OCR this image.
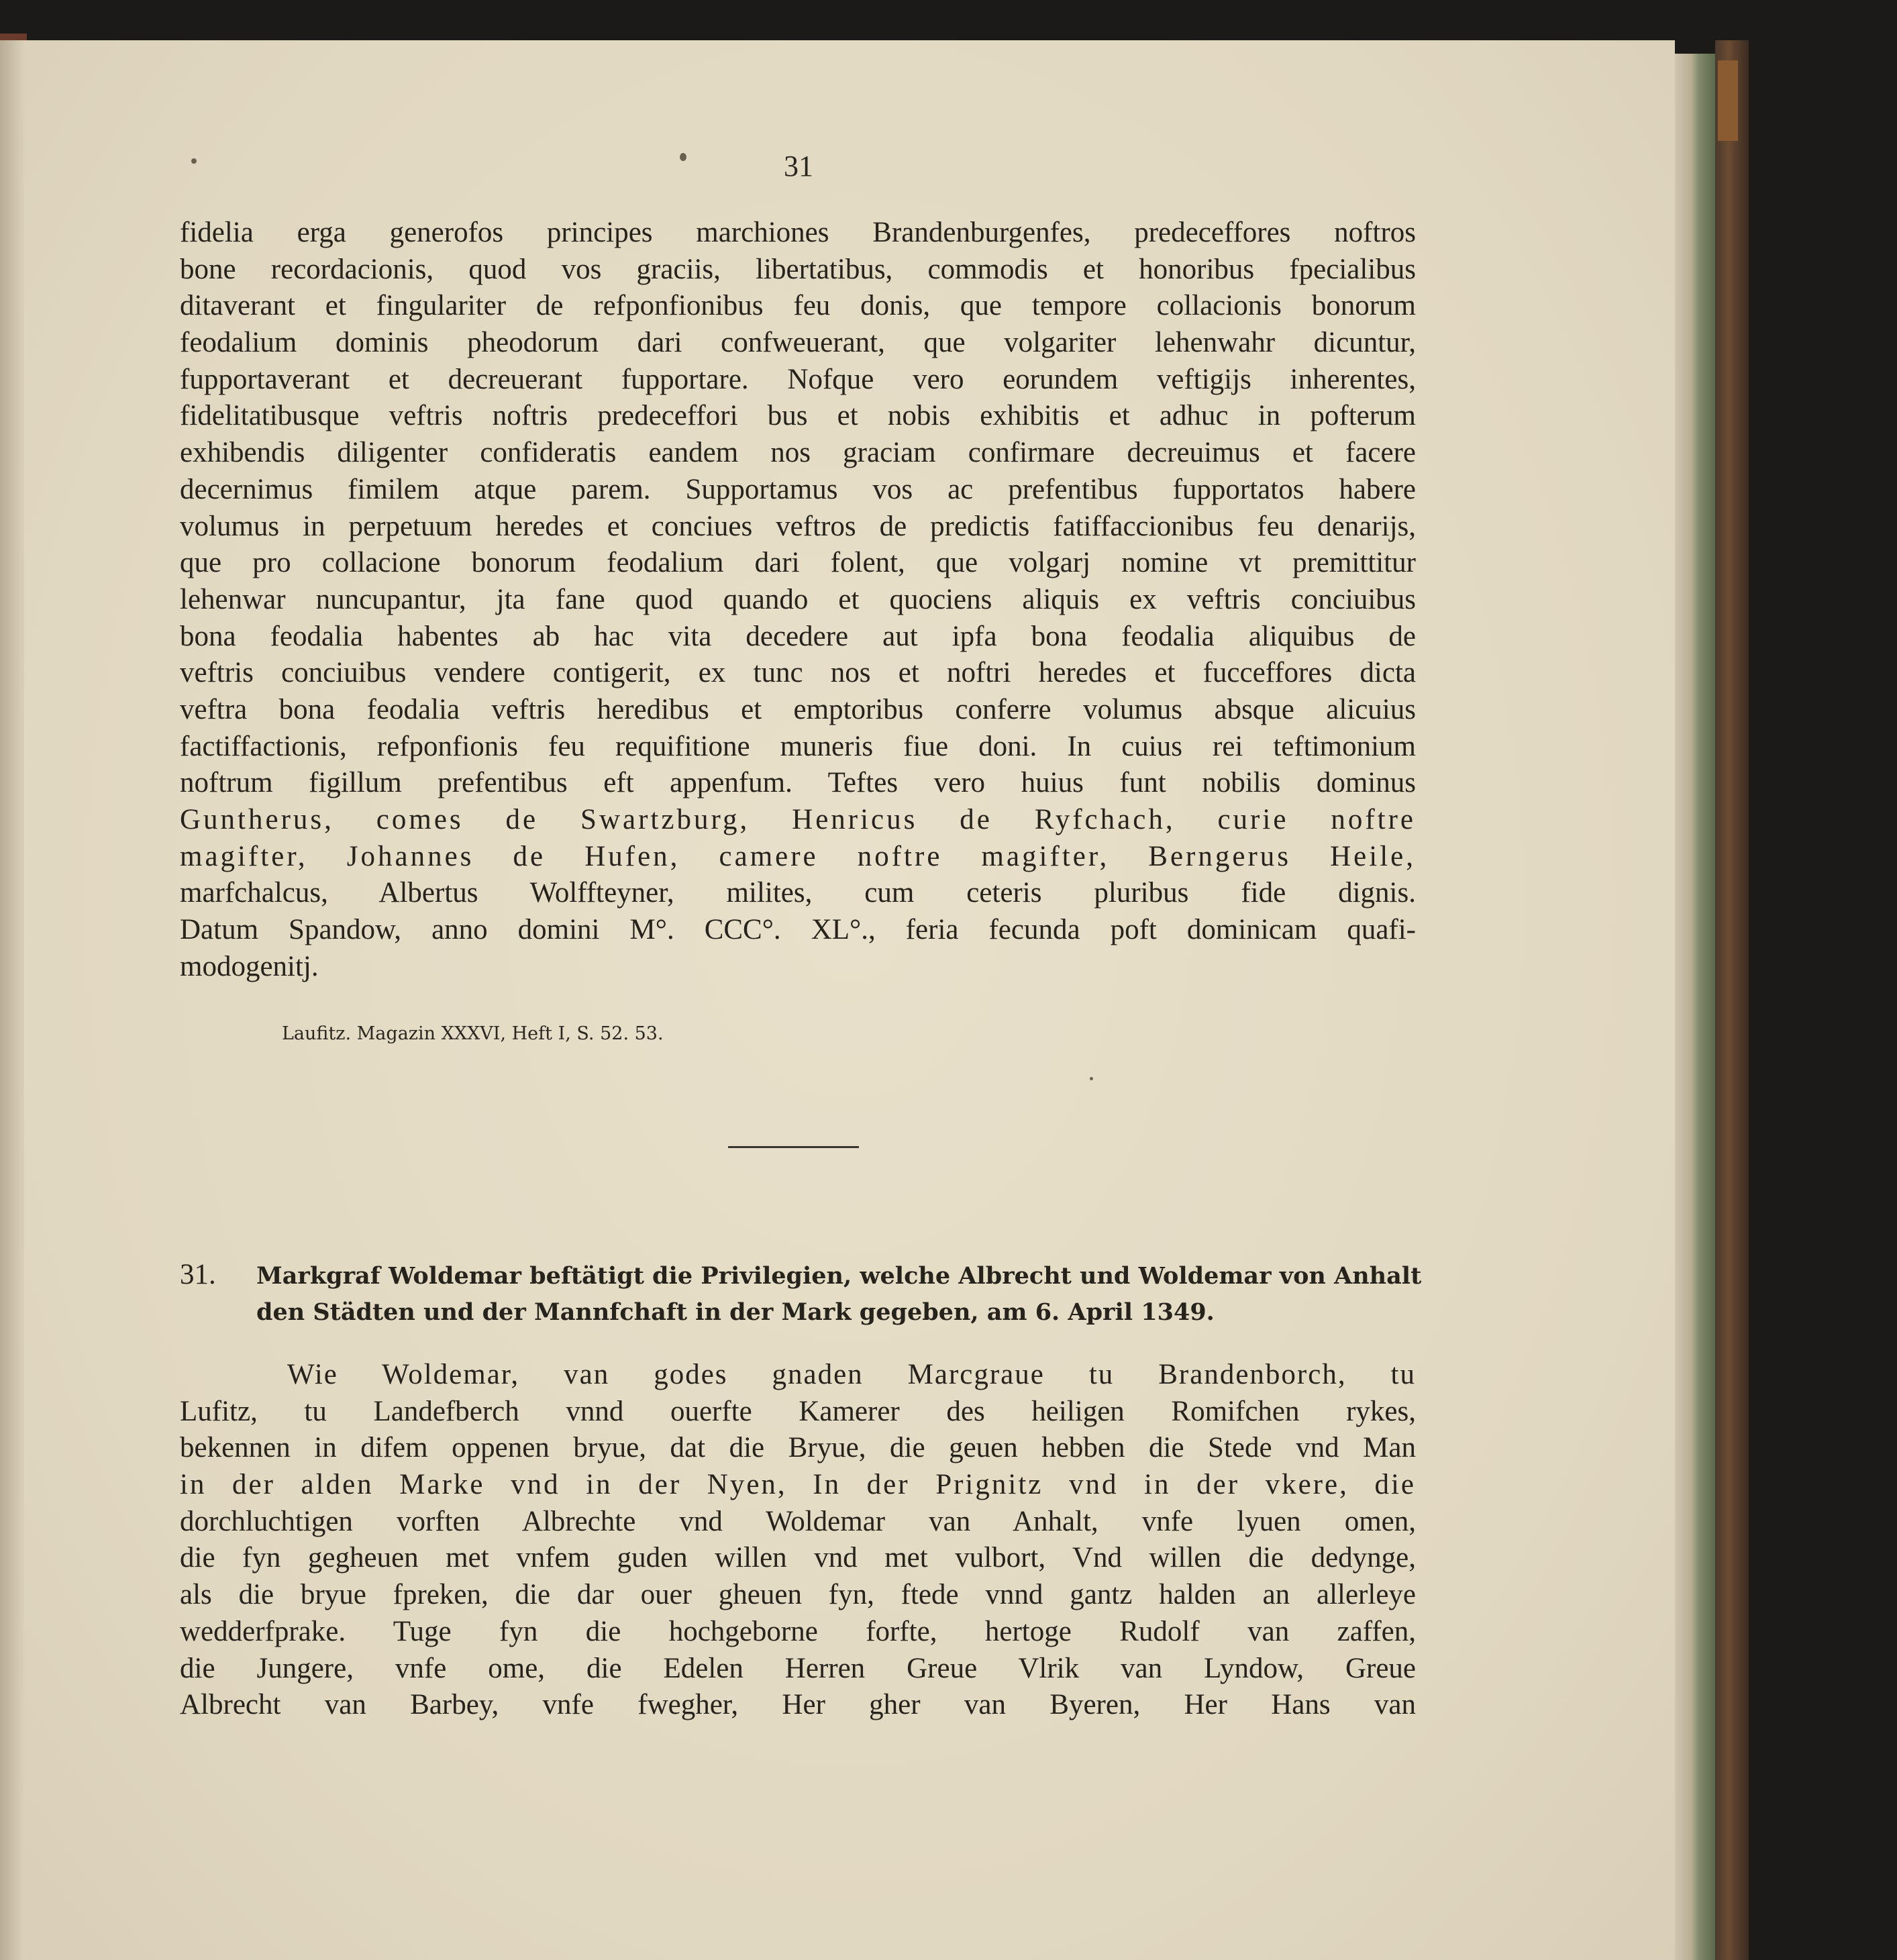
31
fidelia erga generofos principes marchiones Brandenburgenfes, predeceffores noftros
bone recordacionis, quod vos graciis, libertatibus, commodis et honoribus fpecialibus
ditaverant et fingulariter de refponfionibus feu donis, que tempore collacionis bonorum
feodalium dominis pheodorum dari confweuerant, que volgariter lehenwahr dicuntur,
fupportaverant et decreuerant fupportare. Nofque vero eorundem veftigijs inherentes,
fidelitatibusque veftris noftris predeceffori bus et nobis exhibitis et adhuc in pofterum
exhibendis diligenter confideratis eandem nos graciam confirmare decreuimus et facere
decernimus fimilem atque parem. Supportamus vos ac prefentibus fupportatos habere
volumus in perpetuum heredes et conciues veftros de predictis fatiffaccionibus feu denarijs,
que pro collacione bonorum feodalium dari folent, que volgarj nomine vt premittitur
lehenwar nuncupantur, jta fane quod quando et quociens aliquis ex veftris conciuibus
bona feodalia habentes ab hac vita decedere aut ipfa bona feodalia aliquibus de
veftris conciuibus vendere contigerit, ex tunc nos et noftri heredes et fucceffores dicta
veftra bona feodalia veftris heredibus et emptoribus conferre volumus absque alicuius
factiffactionis, refponfionis feu requifitione muneris fiue doni. In cuius rei teftimonium
noftrum figillum prefentibus eft appenfum. Teftes vero huius funt nobilis dominus
Guntherus, comes de Swartzburg, Henricus de Ryfchach, curie noftre
magifter, Johannes de Hufen, camere noftre magifter, Berngerus Heile,
marfchalcus, Albertus Wolffteyner, milites, cum ceteris pluribus fide dignis.
Datum Spandow, anno domini M°. CCC°. XL°., feria fecunda poft dominicam quafi-
modogenitj.
Laufitz. Magazin XXXVI, Heft I, S. 52. 53.
31. Markgraf Woldemar beftätigt die Privilegien, welche Albrecht und Woldemar von Anhalt
den Städten und der Mannfchaft in der Mark gegeben, am 6. April 1349.
Wie Woldemar, van godes gnaden Marcgraue tu Brandenborch, tu
Lufitz, tu Landefberch vnnd ouerfte Kamerer des heiligen Romifchen rykes,
bekennen in difem oppenen bryue, dat die Bryue, die geuen hebben die Stede vnd Man
in der alden Marke vnd in der Nyen, In der Prignitz vnd in der vkere, die
dorchluchtigen vorften Albrechte vnd Woldemar van Anhalt, vnfe lyuen omen,
die fyn gegheuen met vnfem guden willen vnd met vulbort, Vnd willen die dedynge,
als die bryue fpreken, die dar ouer gheuen fyn, ftede vnnd gantz halden an allerleye
wedderfprake. Tuge fyn die hochgeborne forfte, hertoge Rudolf van zaffen,
die Jungere, vnfe ome, die Edelen Herren Greue Vlrik van Lyndow, Greue
Albrecht van Barbey, vnfe fwegher, Her gher van Byeren, Her Hans van
